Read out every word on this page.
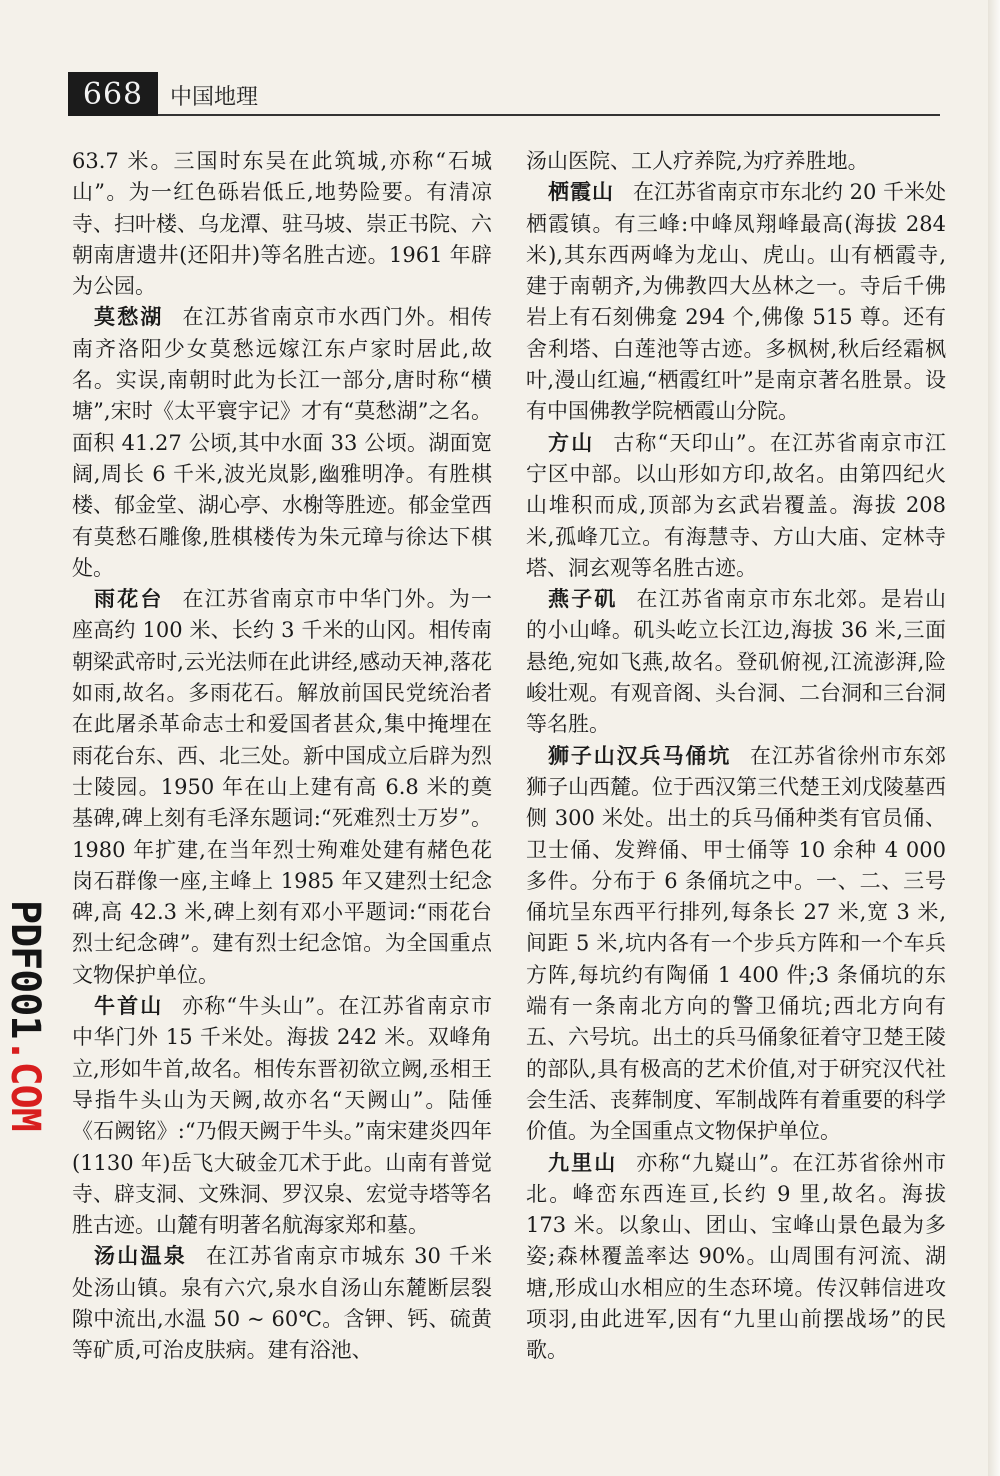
668	中国地理
PDF001.COM

63.7 米。三国时东吴在此筑城,亦称“石城山”。为一红色砾岩低丘,地势险要。有清凉寺、扫叶楼、乌龙潭、驻马坡、崇正书院、六朝南唐遗井(还阳井)等名胜古迹。1961 年辟为公园。

莫愁湖 在江苏省南京市水西门外。相传南齐洛阳少女莫愁远嫁江东卢家时居此,故名。实误,南朝时此为长江一部分,唐时称“横塘”,宋时《太平寰宇记》才有“莫愁湖”之名。面积 41.27 公顷,其中水面 33 公顷。湖面宽阔,周长 6 千米,波光岚影,幽雅明净。有胜棋楼、郁金堂、湖心亭、水榭等胜迹。郁金堂西有莫愁石雕像,胜棋楼传为朱元璋与徐达下棋处。

雨花台 在江苏省南京市中华门外。为一座高约 100 米、长约 3 千米的山冈。相传南朝梁武帝时,云光法师在此讲经,感动天神,落花如雨,故名。多雨花石。解放前国民党统治者在此屠杀革命志士和爱国者甚众,集中掩埋在雨花台东、西、北三处。新中国成立后辟为烈士陵园。1950 年在山上建有高 6.8 米的奠基碑,碑上刻有毛泽东题词:“死难烈士万岁”。1980 年扩建,在当年烈士殉难处建有赭色花岗石群像一座,主峰上 1985 年又建烈士纪念碑,高 42.3 米,碑上刻有邓小平题词:“雨花台烈士纪念碑”。建有烈士纪念馆。为全国重点文物保护单位。

牛首山 亦称“牛头山”。在江苏省南京市中华门外 15 千米处。海拔 242 米。双峰角立,形如牛首,故名。相传东晋初欲立阙,丞相王导指牛头山为天阙,故亦名“天阙山”。陆倕《石阙铭》:“乃假天阙于牛头。”南宋建炎四年(1130 年)岳飞大破金兀术于此。山南有普觉寺、辟支洞、文殊洞、罗汉泉、宏觉寺塔等名胜古迹。山麓有明著名航海家郑和墓。

汤山温泉 在江苏省南京市城东 30 千米处汤山镇。泉有六穴,泉水自汤山东麓断层裂隙中流出,水温 50 ~ 60℃。含钾、钙、硫黄等矿质,可治皮肤病。建有浴池、

汤山医院、工人疗养院,为疗养胜地。

栖霞山 在江苏省南京市东北约 20 千米处栖霞镇。有三峰:中峰凤翔峰最高(海拔 284 米),其东西两峰为龙山、虎山。山有栖霞寺,建于南朝齐,为佛教四大丛林之一。寺后千佛岩上有石刻佛龛 294 个,佛像 515 尊。还有舍利塔、白莲池等古迹。多枫树,秋后经霜枫叶,漫山红遍,“栖霞红叶”是南京著名胜景。设有中国佛教学院栖霞山分院。

方山 古称“天印山”。在江苏省南京市江宁区中部。以山形如方印,故名。由第四纪火山堆积而成,顶部为玄武岩覆盖。海拔 208 米,孤峰兀立。有海慧寺、方山大庙、定林寺塔、洞玄观等名胜古迹。

燕子矶 在江苏省南京市东北郊。是岩山的小山峰。矶头屹立长江边,海拔 36 米,三面悬绝,宛如飞燕,故名。登矶俯视,江流澎湃,险峻壮观。有观音阁、头台洞、二台洞和三台洞等名胜。

狮子山汉兵马俑坑 在江苏省徐州市东郊狮子山西麓。位于西汉第三代楚王刘戊陵墓西侧 300 米处。出土的兵马俑种类有官员俑、卫士俑、发辫俑、甲士俑等 10 余种 4 000 多件。分布于 6 条俑坑之中。一、二、三号俑坑呈东西平行排列,每条长 27 米,宽 3 米,间距 5 米,坑内各有一个步兵方阵和一个车兵方阵,每坑约有陶俑 1 400 件;3 条俑坑的东端有一条南北方向的警卫俑坑;西北方向有五、六号坑。出土的兵马俑象征着守卫楚王陵的部队,具有极高的艺术价值,对于研究汉代社会生活、丧葬制度、军制战阵有着重要的科学价值。为全国重点文物保护单位。

九里山 亦称“九嶷山”。在江苏省徐州市北。峰峦东西连亘,长约 9 里,故名。海拔 173 米。以象山、团山、宝峰山景色最为多姿;森林覆盖率达 90%。山周围有河流、湖塘,形成山水相应的生态环境。传汉韩信进攻项羽,由此进军,因有“九里山前摆战场”的民歌。
